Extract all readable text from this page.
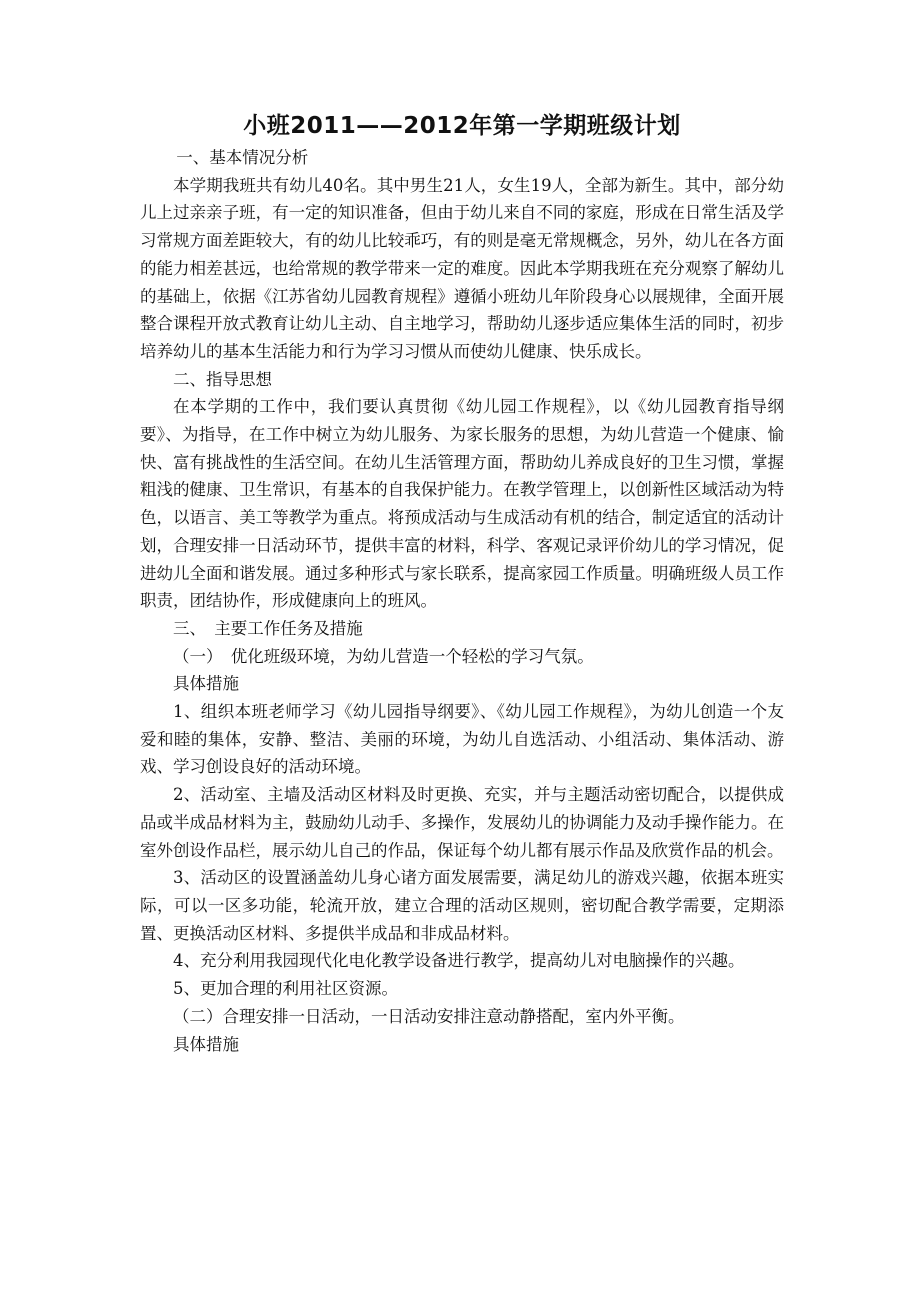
小班2011——2012年第一学期班级计划

一、基本情况分析

本学期我班共有幼儿40名。其中男生21人，女生19人，全部为新生。其中，部分幼儿上过亲亲子班，有一定的知识准备，但由于幼儿来自不同的家庭，形成在日常生活及学习常规方面差距较大，有的幼儿比较乖巧，有的则是毫无常规概念，另外，幼儿在各方面的能力相差甚远，也给常规的教学带来一定的难度。因此本学期我班在充分观察了解幼儿的基础上，依据《江苏省幼儿园教育规程》遵循小班幼儿年阶段身心以展规律，全面开展整合课程开放式教育让幼儿主动、自主地学习，帮助幼儿逐步适应集体生活的同时，初步培养幼儿的基本生活能力和行为学习习惯从而使幼儿健康、快乐成长。

二、指导思想

在本学期的工作中，我们要认真贯彻《幼儿园工作规程》，以《幼儿园教育指导纲要》、为指导，在工作中树立为幼儿服务、为家长服务的思想，为幼儿营造一个健康、愉快、富有挑战性的生活空间。在幼儿生活管理方面，帮助幼儿养成良好的卫生习惯，掌握粗浅的健康、卫生常识，有基本的自我保护能力。在教学管理上，以创新性区域活动为特色，以语言、美工等教学为重点。将预成活动与生成活动有机的结合，制定适宜的活动计划，合理安排一日活动环节，提供丰富的材料，科学、客观记录评价幼儿的学习情况，促进幼儿全面和谐发展。通过多种形式与家长联系，提高家园工作质量。明确班级人员工作职责，团结协作，形成健康向上的班风。

三、　主要工作任务及措施

（一）　优化班级环境，为幼儿营造一个轻松的学习气氛。

具体措施

1、组织本班老师学习《幼儿园指导纲要》、《幼儿园工作规程》，为幼儿创造一个友爱和睦的集体，安静、整洁、美丽的环境，为幼儿自选活动、小组活动、集体活动、游戏、学习创设良好的活动环境。

2、活动室、主墙及活动区材料及时更换、充实，并与主题活动密切配合，以提供成品或半成品材料为主，鼓励幼儿动手、多操作，发展幼儿的协调能力及动手操作能力。在室外创设作品栏，展示幼儿自己的作品，保证每个幼儿都有展示作品及欣赏作品的机会。

3、活动区的设置涵盖幼儿身心诸方面发展需要，满足幼儿的游戏兴趣，依据本班实际，可以一区多功能，轮流开放，建立合理的活动区规则，密切配合教学需要，定期添置、更换活动区材料、多提供半成品和非成品材料。

4、充分利用我园现代化电化教学设备进行教学，提高幼儿对电脑操作的兴趣。

5、更加合理的利用社区资源。

（二）合理安排一日活动，一日活动安排注意动静搭配，室内外平衡。

具体措施
